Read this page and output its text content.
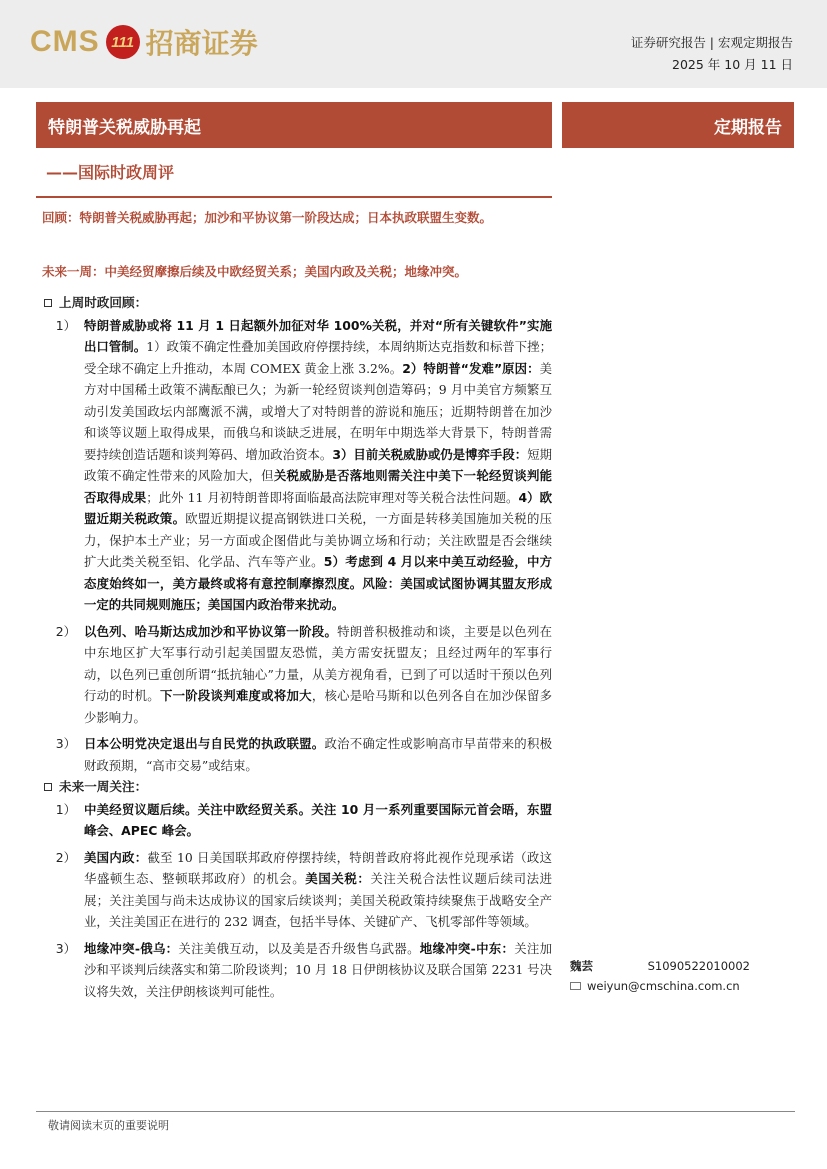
CMS 111 招商证券	证券研究报告 | 宏观定期报告
2025 年 10 月 11 日
特朗普关税威胁再起	定期报告
——国际时政周评
回顾：特朗普关税威胁再起；加沙和平协议第一阶段达成；日本执政联盟生变数。
未来一周：中美经贸摩擦后续及中欧经贸关系；美国内政及关税；地缘冲突。
上周时政回顾：
1） 特朗普威胁或将 11 月 1 日起额外加征对华 100%关税，并对“所有关键软件”实施出口管制。1）政策不确定性叠加美国政府停摆持续，本周纳斯达克指数和标普下挫；受全球不确定上升推动，本周 COMEX 黄金上涨 3.2%。2）特朗普“发难”原因：美方对中国稀土政策不满酝酿已久；为新一轮经贸谈判创造筹码；9 月中美官方频繁互动引发美国政坛内部鹰派不满，或增大了对特朗普的游说和施压；近期特朗普在加沙和谈等议题上取得成果，而俄乌和谈缺乏进展，在明年中期选举大背景下，特朗普需要持续创造话题和谈判筹码、增加政治资本。3）目前关税威胁或仍是博弈手段：短期政策不确定性带来的风险加大，但关税威胁是否落地则需关注中美下一轮经贸谈判能否取得成果；此外 11 月初特朗普即将面临最高法院审理对等关税合法性问题。4）欧盟近期关税政策。欧盟近期提议提高钢铁进口关税，一方面是转移美国施加关税的压力，保护本土产业；另一方面或企图借此与美协调立场和行动；关注欧盟是否会继续扩大此类关税至铝、化学品、汽车等产业。5）考虑到 4 月以来中美互动经验，中方态度始终如一，美方最终或将有意控制摩擦烈度。风险：美国或试图协调其盟友形成一定的共同规则施压；美国国内政治带来扰动。
2） 以色列、哈马斯达成加沙和平协议第一阶段。特朗普积极推动和谈，主要是以色列在中东地区扩大军事行动引起美国盟友恐慌，美方需安抚盟友；且经过两年的军事行动，以色列已重创所谓“抵抗轴心”力量，从美方视角看，已到了可以适时干预以色列行动的时机。下一阶段谈判难度或将加大，核心是哈马斯和以色列各自在加沙保留多少影响力。
3） 日本公明党决定退出与自民党的执政联盟。政治不确定性或影响高市早苗带来的积极财政预期，“高市交易”或结束。
未来一周关注：
1） 中美经贸议题后续。关注中欧经贸关系。关注 10 月一系列重要国际元首会晤，东盟峰会、APEC 峰会。
2） 美国内政：截至 10 日美国联邦政府停摆持续，特朗普政府将此视作兑现承诺（政这华盛顿生态、整顿联邦政府）的机会。美国关税：关注关税合法性议题后续司法进展；关注美国与尚未达成协议的国家后续谈判；美国关税政策持续聚焦于战略安全产业，关注美国正在进行的 232 调查，包括半导体、关键矿产、飞机零部件等领域。
3） 地缘冲突-俄乌：关注美俄互动，以及美是否升级售乌武器。地缘冲突-中东：关注加沙和平谈判后续落实和第二阶段谈判；10 月 18 日伊朗核协议及联合国第 2231 号决议将失效，关注伊朗核谈判可能性。
魏芸	S1090522010002
weiyun@cmschina.com.cn
敬请阅读末页的重要说明
